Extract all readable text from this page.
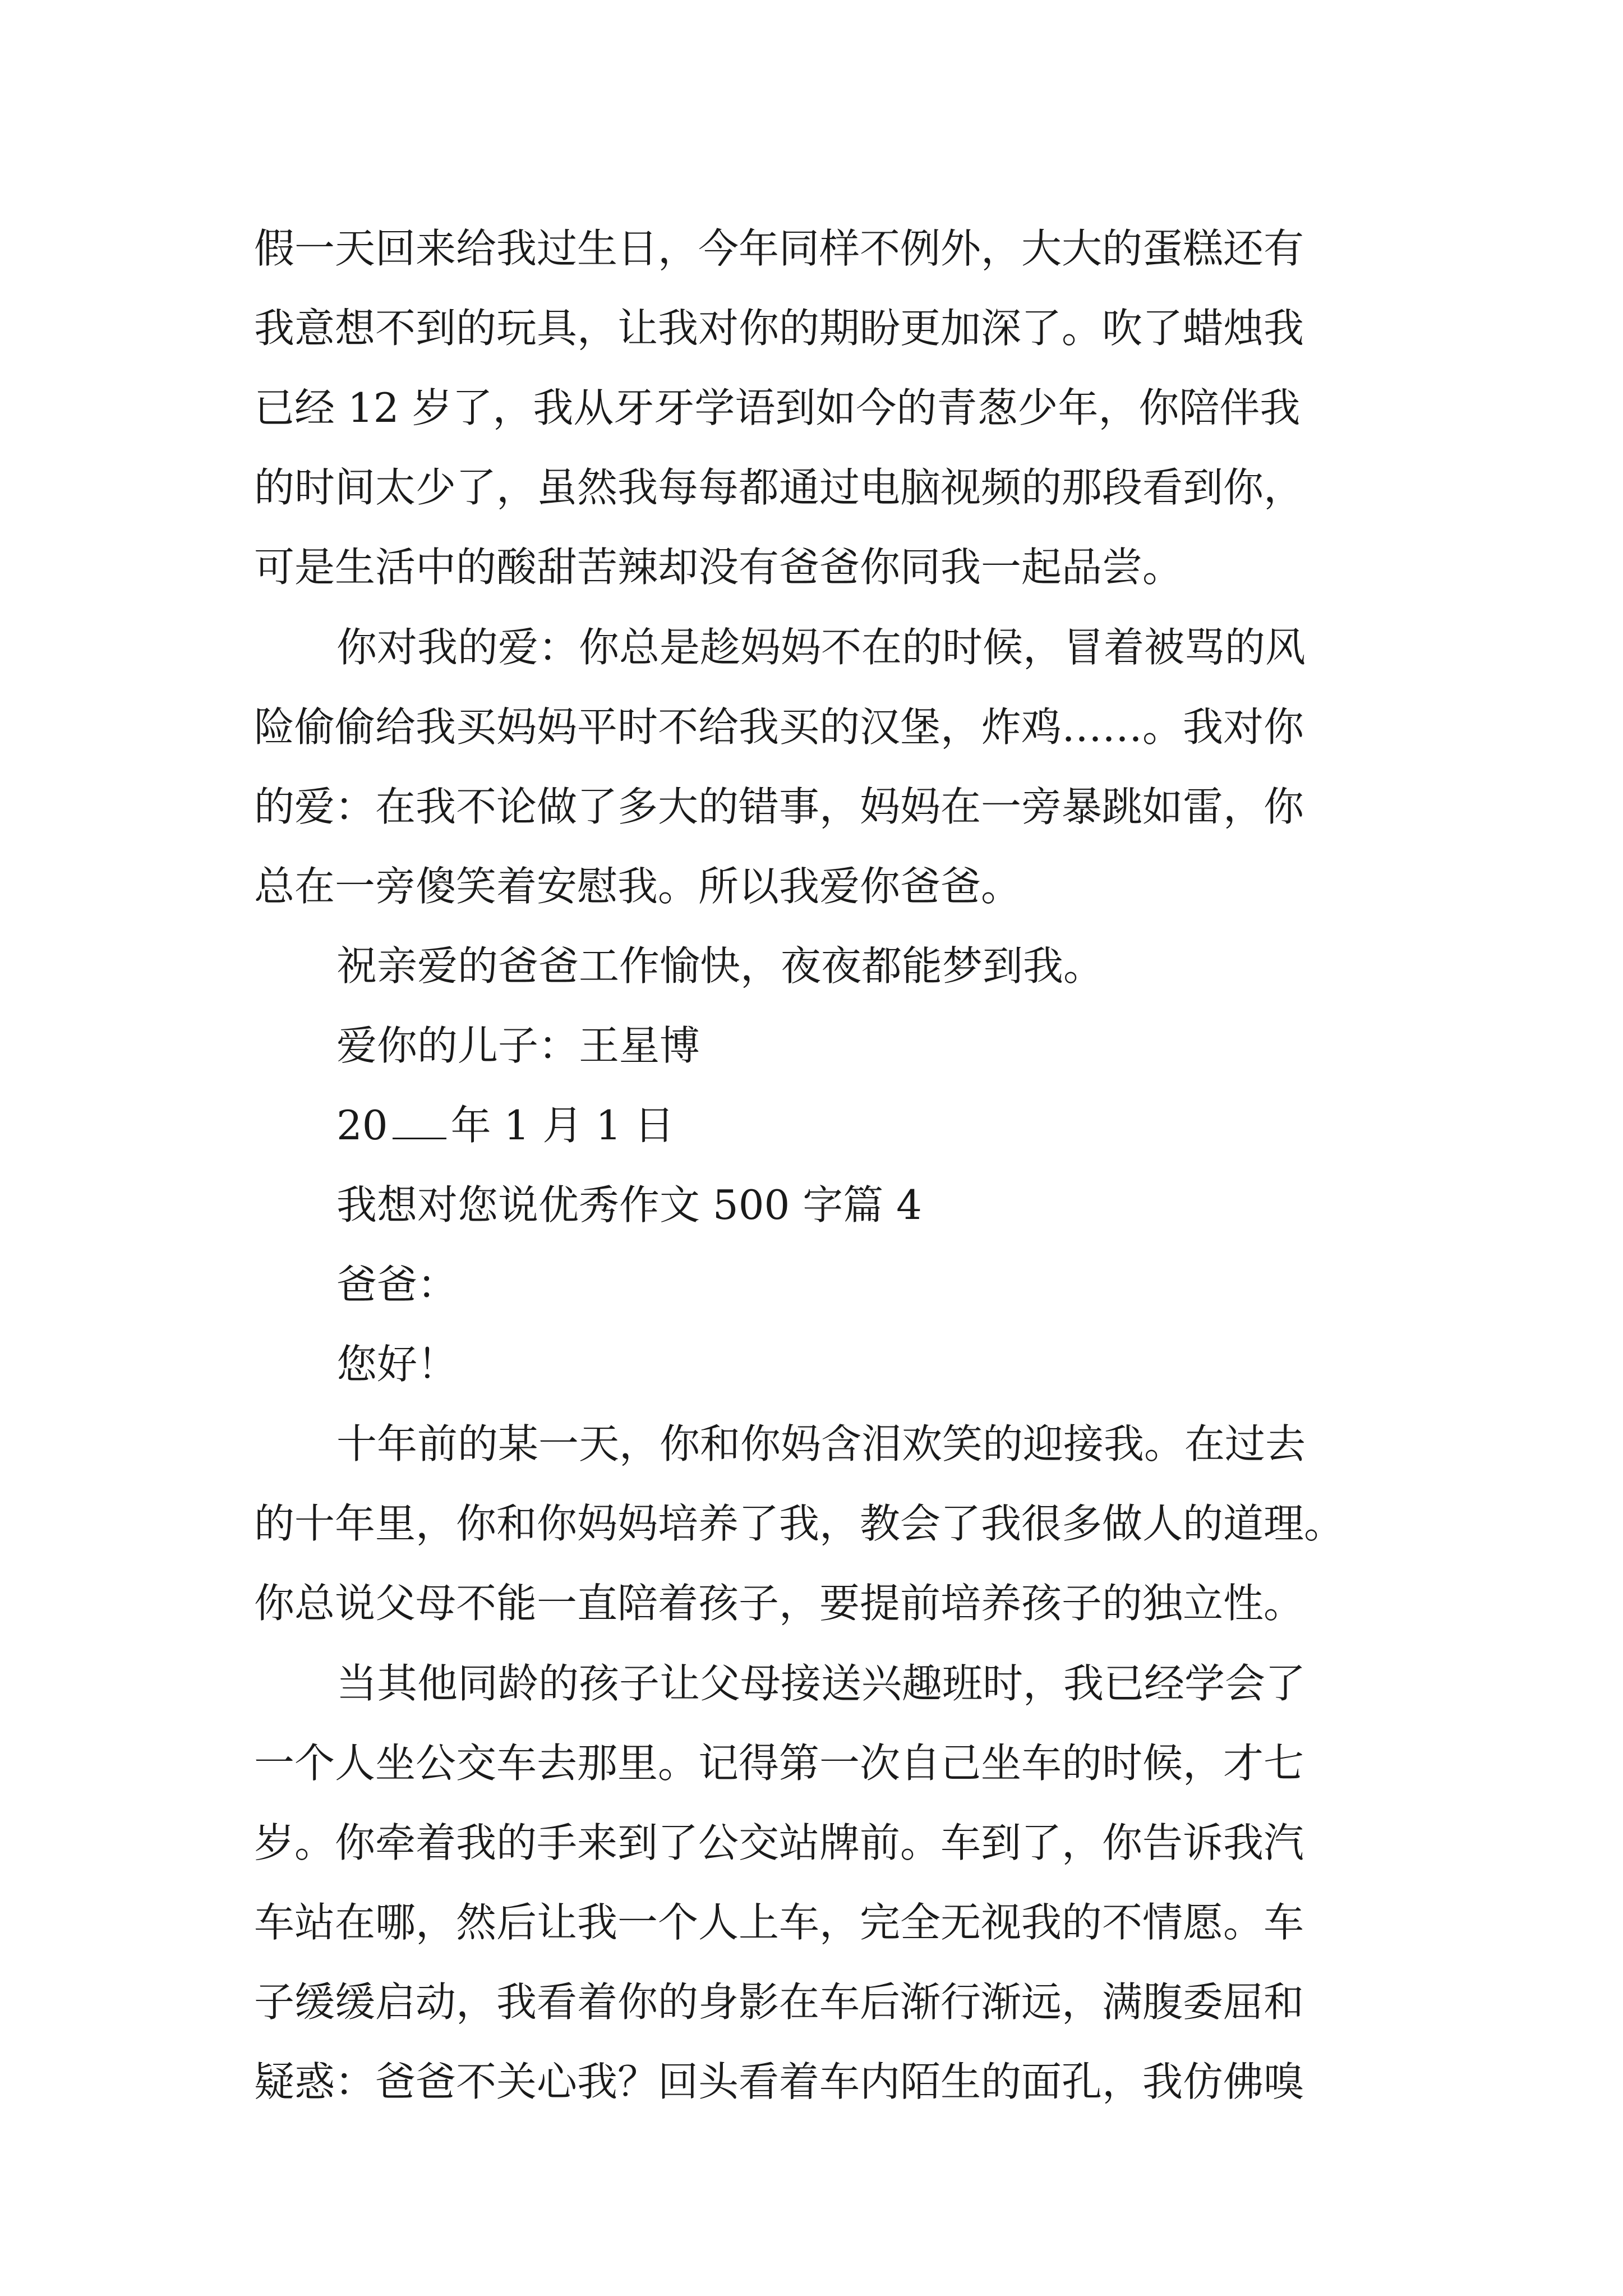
假一天回来给我过生日，今年同样不例外，大大的蛋糕还有
我意想不到的玩具，让我对你的期盼更加深了。吹了蜡烛我
已经 12 岁了，我从牙牙学语到如今的青葱少年，你陪伴我
的时间太少了，虽然我每每都通过电脑视频的那段看到你，
可是生活中的酸甜苦辣却没有爸爸你同我一起品尝。
你对我的爱：你总是趁妈妈不在的时候，冒着被骂的风
险偷偷给我买妈妈平时不给我买的汉堡，炸鸡……。我对你
的爱：在我不论做了多大的错事，妈妈在一旁暴跳如雷，你
总在一旁傻笑着安慰我。所以我爱你爸爸。
祝亲爱的爸爸工作愉快，夜夜都能梦到我。
爱你的儿子：王星博
20 年 1 月 1 日
我想对您说优秀作文 500 字篇 4
爸爸：
您好！
十年前的某一天，你和你妈含泪欢笑的迎接我。在过去
的十年里，你和你妈妈培养了我，教会了我很多做人的道理。
你总说父母不能一直陪着孩子，要提前培养孩子的独立性。
当其他同龄的孩子让父母接送兴趣班时，我已经学会了
一个人坐公交车去那里。记得第一次自己坐车的时候，才七
岁。你牵着我的手来到了公交站牌前。车到了，你告诉我汽
车站在哪，然后让我一个人上车，完全无视我的不情愿。车
子缓缓启动，我看着你的身影在车后渐行渐远，满腹委屈和
疑惑：爸爸不关心我？回头看着车内陌生的面孔，我仿佛嗅
